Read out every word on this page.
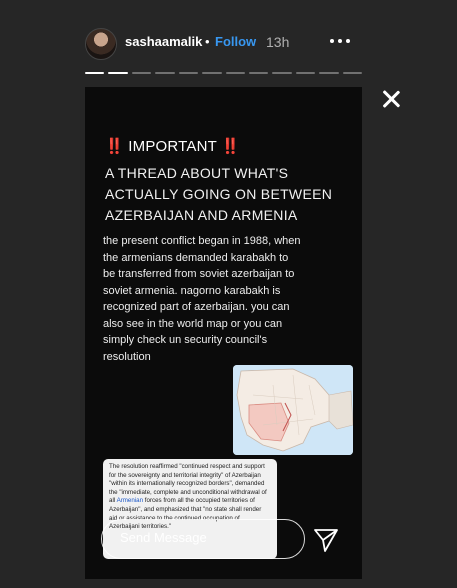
sashaamalik • Follow 13h
‼️ IMPORTANT ‼️
A THREAD ABOUT WHAT'S ACTUALLY GOING ON BETWEEN AZERBAIJAN AND ARMENIA
the present conflict began in 1988, when the armenians demanded karabakh to be transferred from soviet azerbaijan to soviet armenia. nagorno karabakh is recognized part of azerbaijan. you can also see in the world map or you can simply check un security council's resolution
The resolution reaffirmed "continued respect and support for the sovereignty and territorial integrity" of Azerbaijan "within its internationally recognized borders", demanded the "immediate, complete and unconditional withdrawal of all Armenian forces from all the occupied territories of Azerbaijan", and emphasized that "no state shall render aid or assistance to the continued occupation of Azerbaijani territories."
Send Message
